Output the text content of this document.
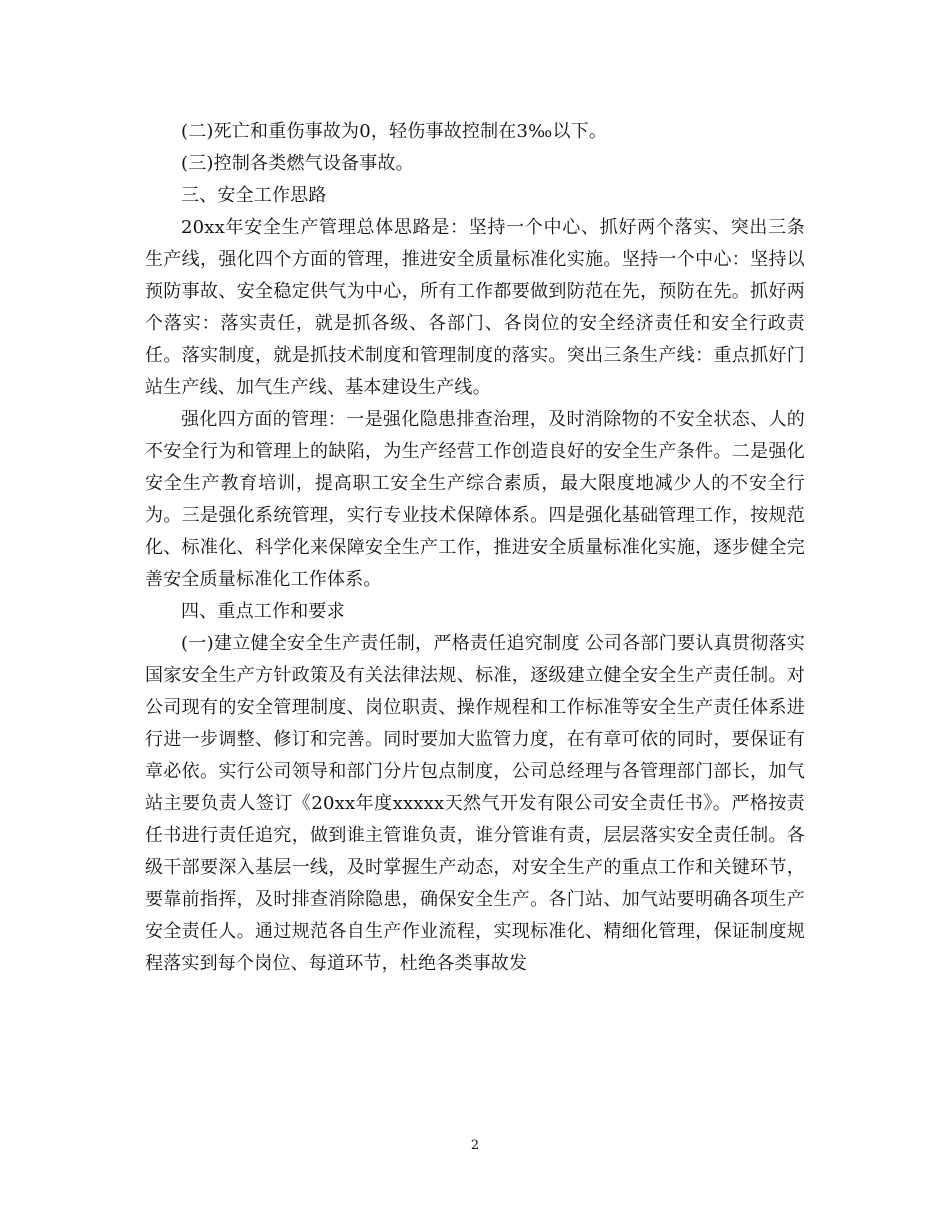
(二)死亡和重伤事故为0，轻伤事故控制在3‰以下。

(三)控制各类燃气设备事故。

三、安全工作思路

20xx年安全生产管理总体思路是：坚持一个中心、抓好两个落实、突出三条生产线，强化四个方面的管理，推进安全质量标准化实施。坚持一个中心：坚持以预防事故、安全稳定供气为中心，所有工作都要做到防范在先，预防在先。抓好两个落实：落实责任，就是抓各级、各部门、各岗位的安全经济责任和安全行政责任。落实制度，就是抓技术制度和管理制度的落实。突出三条生产线：重点抓好门站生产线、加气生产线、基本建设生产线。

强化四方面的管理：一是强化隐患排查治理，及时消除物的不安全状态、人的不安全行为和管理上的缺陷，为生产经营工作创造良好的安全生产条件。二是强化安全生产教育培训，提高职工安全生产综合素质，最大限度地减少人的不安全行为。三是强化系统管理，实行专业技术保障体系。四是强化基础管理工作，按规范化、标准化、科学化来保障安全生产工作，推进安全质量标准化实施，逐步健全完善安全质量标准化工作体系。

四、重点工作和要求

(一)建立健全安全生产责任制，严格责任追究制度 公司各部门要认真贯彻落实国家安全生产方针政策及有关法律法规、标准，逐级建立健全安全生产责任制。对公司现有的安全管理制度、岗位职责、操作规程和工作标准等安全生产责任体系进行进一步调整、修订和完善。同时要加大监管力度，在有章可依的同时，要保证有章必依。实行公司领导和部门分片包点制度，公司总经理与各管理部门部长，加气站主要负责人签订《20xx年度xxxxx天然气开发有限公司安全责任书》。严格按责任书进行责任追究，做到谁主管谁负责，谁分管谁有责，层层落实安全责任制。各级干部要深入基层一线，及时掌握生产动态，对安全生产的重点工作和关键环节，要靠前指挥，及时排查消除隐患，确保安全生产。各门站、加气站要明确各项生产安全责任人。通过规范各自生产作业流程，实现标准化、精细化管理，保证制度规程落实到每个岗位、每道环节，杜绝各类事故发

2
